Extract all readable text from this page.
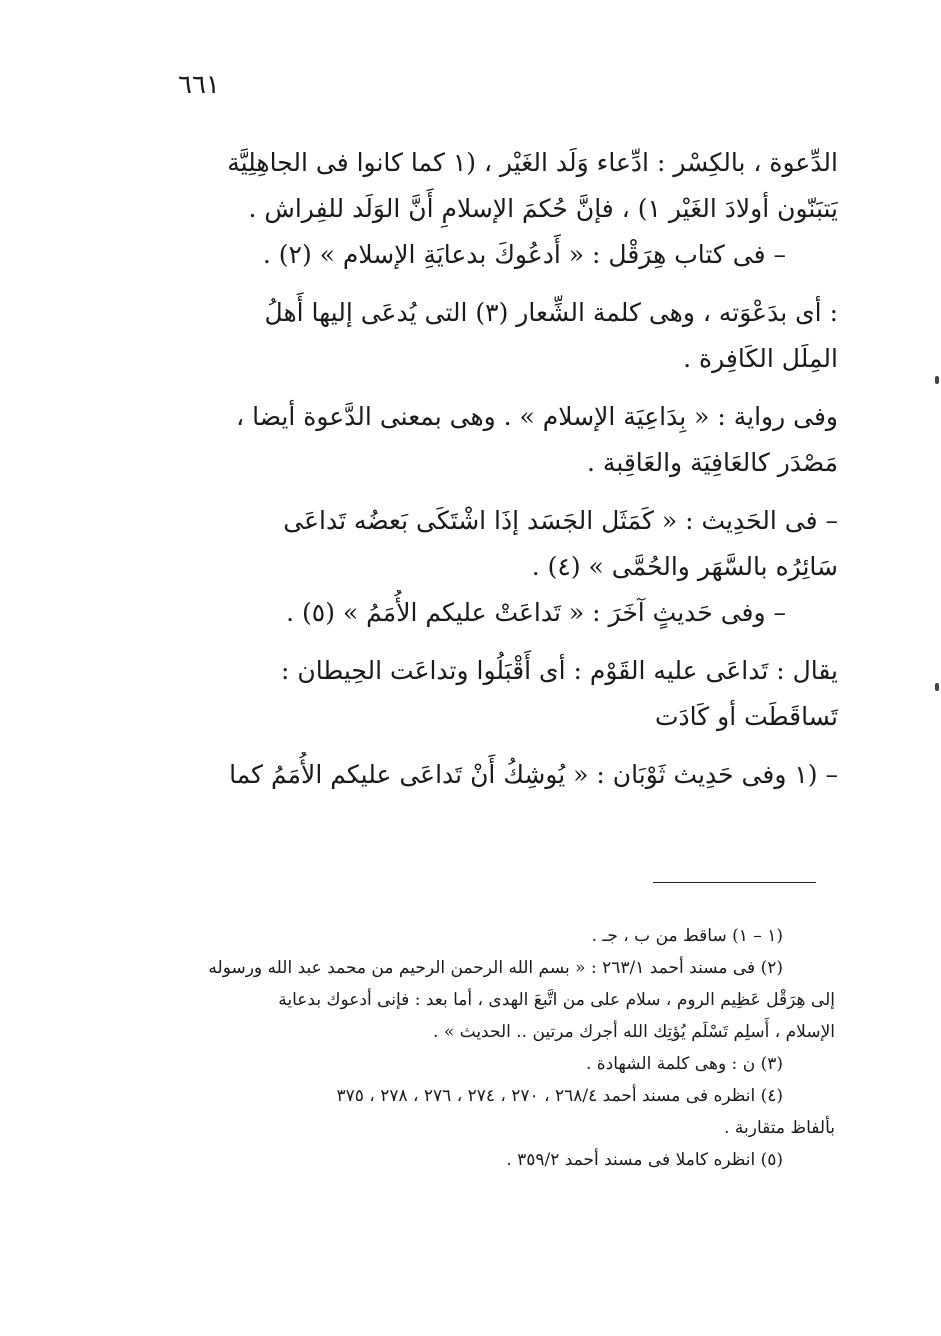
٦٦١
الدِّعوة ، بالكِسْر : ادِّعاء وَلَد الغَيْر ، (١ كما كانوا فى الجاهِلِيَّة
يَتبَنّون أولادَ الغَيْر ١) ، فإنَّ حُكمَ الإسلامِ أَنَّ الوَلَد للفِراش .
– فى كتاب هِرَقْل : « أَدعُوكَ بدعايَةِ الإسلام » (٢) .
: أى بدَعْوَته ، وهى كلمة الشِّعار (٣) التى يُدعَى إليها أَهلُ
المِلَل الكَافِرة .
وفى رواية : « بِدَاعِيَة الإسلام » . وهى بمعنى الدَّعوة أيضا ،
مَصْدَر كالعَافِيَة والعَاقِبة .
– فى الحَدِيث : « كَمَثَل الجَسَد إذَا اشْتَكَى بَعضُه تَداعَى
سَائِرُه بالسَّهَر والحُمَّى » (٤) .
– وفى حَديثٍ آخَرَ : « تَداعَتْ عليكم الأُمَمُ » (٥) .
يقال : تَداعَى عليه القَوْم : أى أَقْبَلُوا وتداعَت الحِيطان :
تَساقَطَت أو كَادَت
– (١ وفى حَدِيث ثَوْبَان : « يُوشِكُ أَنْ تَداعَى عليكم الأُمَمُ كما
(١ – ١) ساقط من ب ، جـ .
(٢) فى مسند أحمد ٢٦٣/١ : « بسم الله الرحمن الرحيم من محمد عبد الله ورسوله
إلى هِرَقْل عَظِيم الروم ، سلام على من اتَّبعَ الهدى ، أما بعد : فإنى أدعوك بدعاية
الإسلام ، أَسلِم تَسْلَم يُؤتِك الله أجرك مرتين .. الحديث » .
(٣) ن : وهى كلمة الشهادة .
(٤) انظره فى مسند أحمد ٢٦٨/٤ ، ٢٧٠ ، ٢٧٤ ، ٢٧٦ ، ٢٧٨ ، ٣٧٥
بألفاظ متقاربة .
(٥) انظره كاملا فى مسند أحمد ٣٥٩/٢ .
